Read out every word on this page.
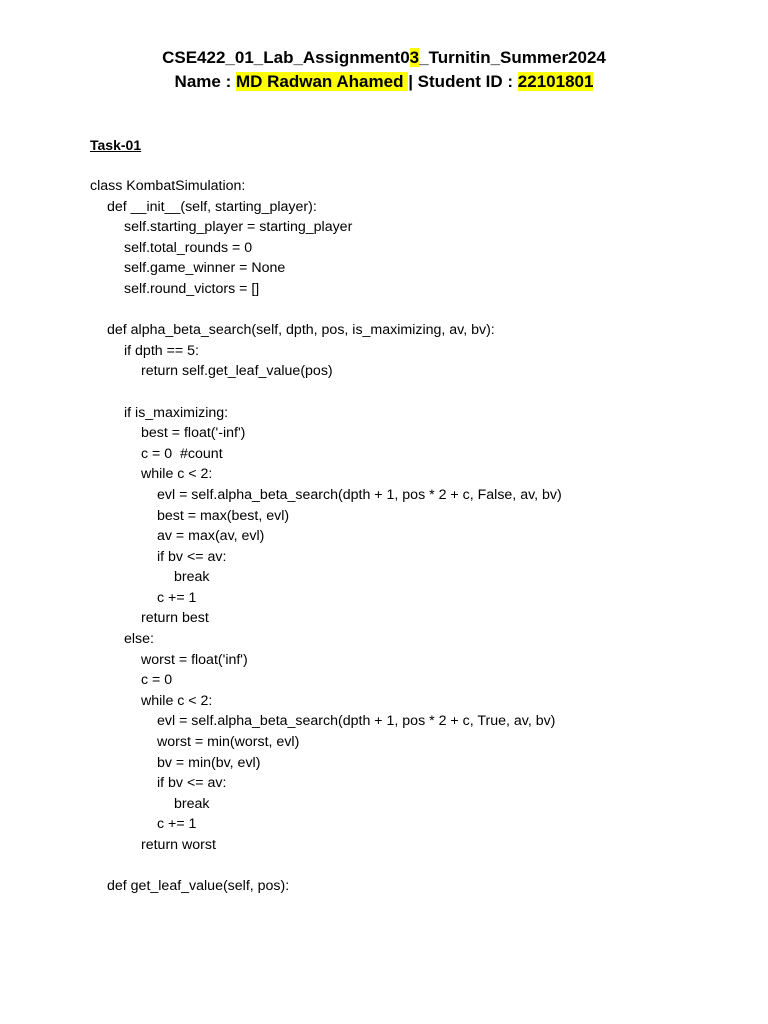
CSE422_01_Lab_Assignment03_Turnitin_Summer2024
Name : MD Radwan Ahamed | Student ID : 22101801
Task-01
class KombatSimulation:
def __init__(self, starting_player):
self.starting_player = starting_player
self.total_rounds = 0
self.game_winner = None
self.round_victors = []
def alpha_beta_search(self, dpth, pos, is_maximizing, av, bv):
if dpth == 5:
return self.get_leaf_value(pos)
if is_maximizing:
best = float('-inf')
c = 0  #count
while c < 2:
evl = self.alpha_beta_search(dpth + 1, pos * 2 + c, False, av, bv)
best = max(best, evl)
av = max(av, evl)
if bv <= av:
break
c += 1
return best
else:
worst = float('inf')
c = 0
while c < 2:
evl = self.alpha_beta_search(dpth + 1, pos * 2 + c, True, av, bv)
worst = min(worst, evl)
bv = min(bv, evl)
if bv <= av:
break
c += 1
return worst
def get_leaf_value(self, pos):
